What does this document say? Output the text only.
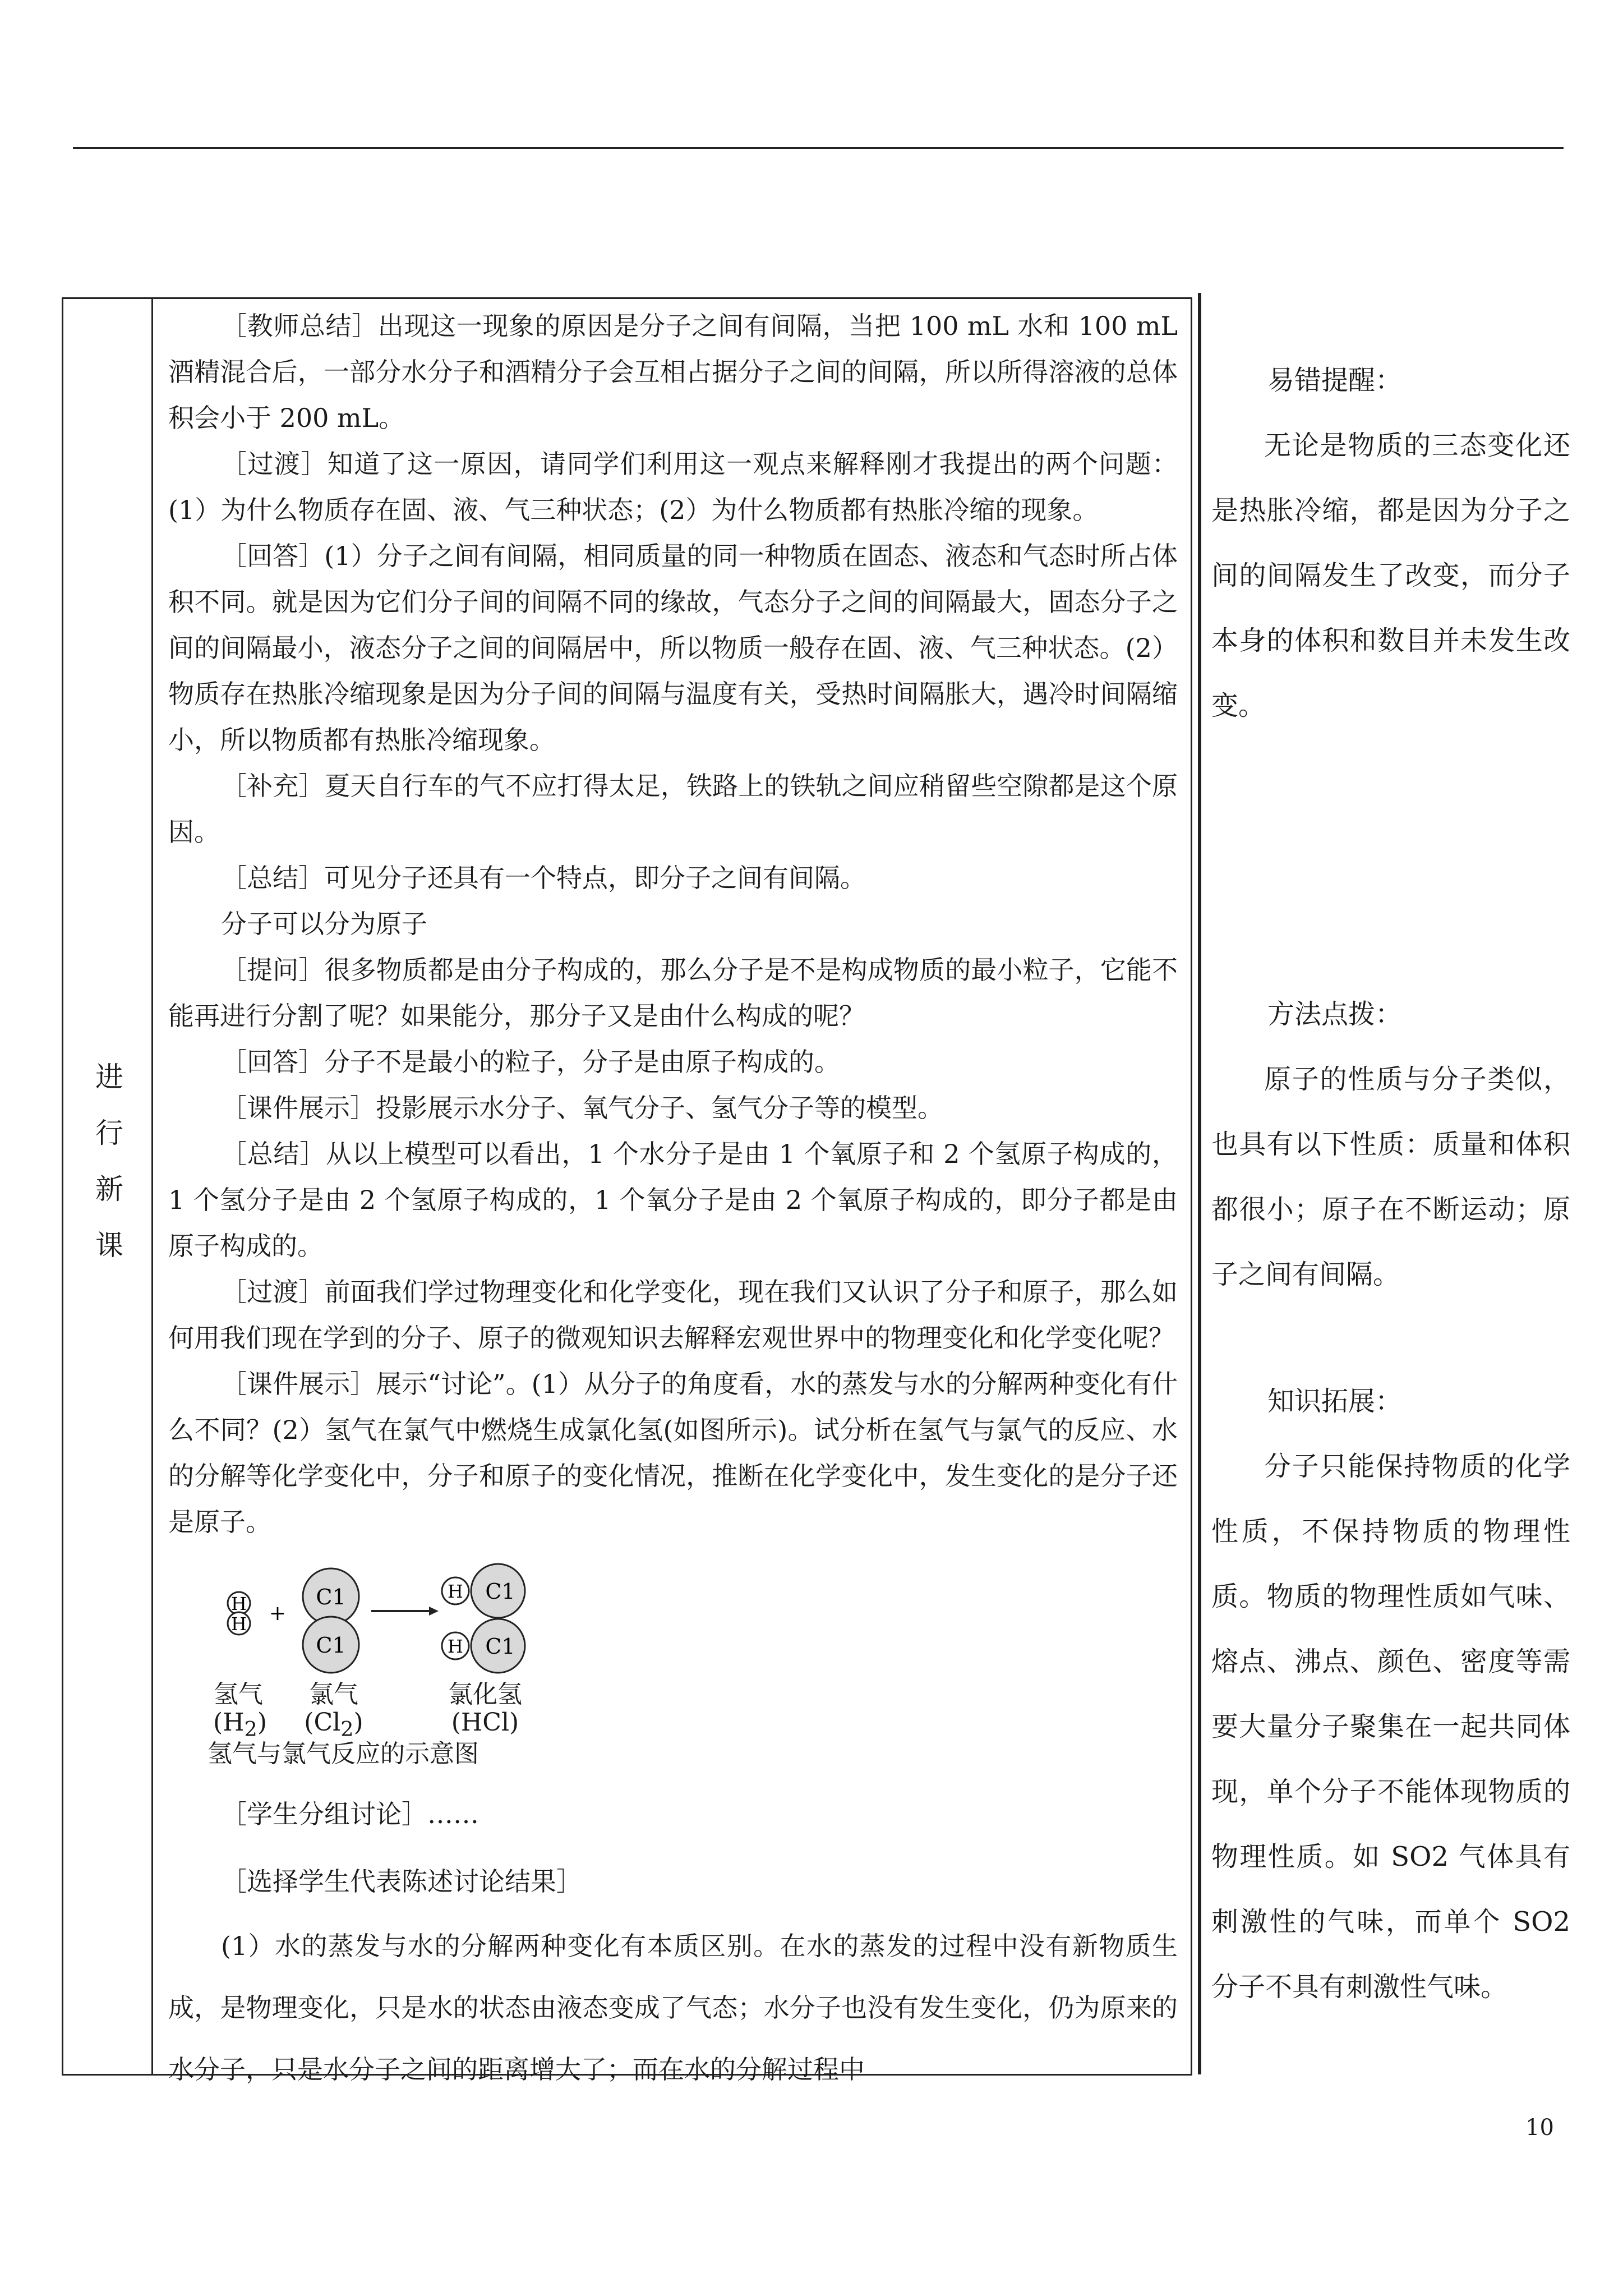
进
行
新
课

［教师总结］出现这一现象的原因是分子之间有间隔，当把 100 mL 水和 100 mL 酒精混合后，一部分水分子和酒精分子会互相占据分子之间的间隔，所以所得溶液的总体积会小于 200 mL。

［过渡］知道了这一原因，请同学们利用这一观点来解释刚才我提出的两个问题：(1）为什么物质存在固、液、气三种状态；(2）为什么物质都有热胀冷缩的现象。

［回答］(1）分子之间有间隔，相同质量的同一种物质在固态、液态和气态时所占体积不同。就是因为它们分子间的间隔不同的缘故，气态分子之间的间隔最大，固态分子之间的间隔最小，液态分子之间的间隔居中，所以物质一般存在固、液、气三种状态。(2）物质存在热胀冷缩现象是因为分子间的间隔与温度有关，受热时间隔胀大，遇冷时间隔缩小，所以物质都有热胀冷缩现象。

［补充］夏天自行车的气不应打得太足，铁路上的铁轨之间应稍留些空隙都是这个原因。

［总结］可见分子还具有一个特点，即分子之间有间隔。

分子可以分为原子

［提问］很多物质都是由分子构成的，那么分子是不是构成物质的最小粒子，它能不能再进行分割了呢？如果能分，那分子又是由什么构成的呢？

［回答］分子不是最小的粒子，分子是由原子构成的。

［课件展示］投影展示水分子、氧气分子、氢气分子等的模型。

［总结］从以上模型可以看出，1 个水分子是由 1 个氧原子和 2 个氢原子构成的，1 个氢分子是由 2 个氢原子构成的，1 个氧分子是由 2 个氧原子构成的，即分子都是由原子构成的。

［过渡］前面我们学过物理变化和化学变化，现在我们又认识了分子和原子，那么如何用我们现在学到的分子、原子的微观知识去解释宏观世界中的物理变化和化学变化呢？

［课件展示］展示“讨论”。(1）从分子的角度看，水的蒸发与水的分解两种变化有什么不同？(2）氢气在氯气中燃烧生成氯化氢(如图所示)。试分析在氢气与氯气的反应、水的分解等化学变化中，分子和原子的变化情况，推断在化学变化中，发生变化的是分子还是原子。

H
H +
C1
C1
H C1
H C1
氢气
$(H_2)$
氯气
$(Cl_2)$
氯化氢
(HCl)
氢气与氯气反应的示意图

［学生分组讨论］……

［选择学生代表陈述讨论结果］

(1）水的蒸发与水的分解两种变化有本质区别。在水的蒸发的过程中没有新物质生成，是物理变化，只是水的状态由液态变成了气态；水分子也没有发生变化，仍为原来的水分子，只是水分子之间的距离增大了；而在水的分解过程中

易错提醒：

无论是物质的三态变化还是热胀冷缩，都是因为分子之间的间隔发生了改变，而分子本身的体积和数目并未发生改变。

方法点拨：

原子的性质与分子类似，也具有以下性质：质量和体积都很小；原子在不断运动；原子之间有间隔。

知识拓展：

分子只能保持物质的化学性质，不保持物质的物理性质。物质的物理性质如气味、熔点、沸点、颜色、密度等需要大量分子聚集在一起共同体现，单个分子不能体现物质的物理性质。如 SO2 气体具有刺激性的气味，而单个 SO2 分子不具有刺激性气味。

10
